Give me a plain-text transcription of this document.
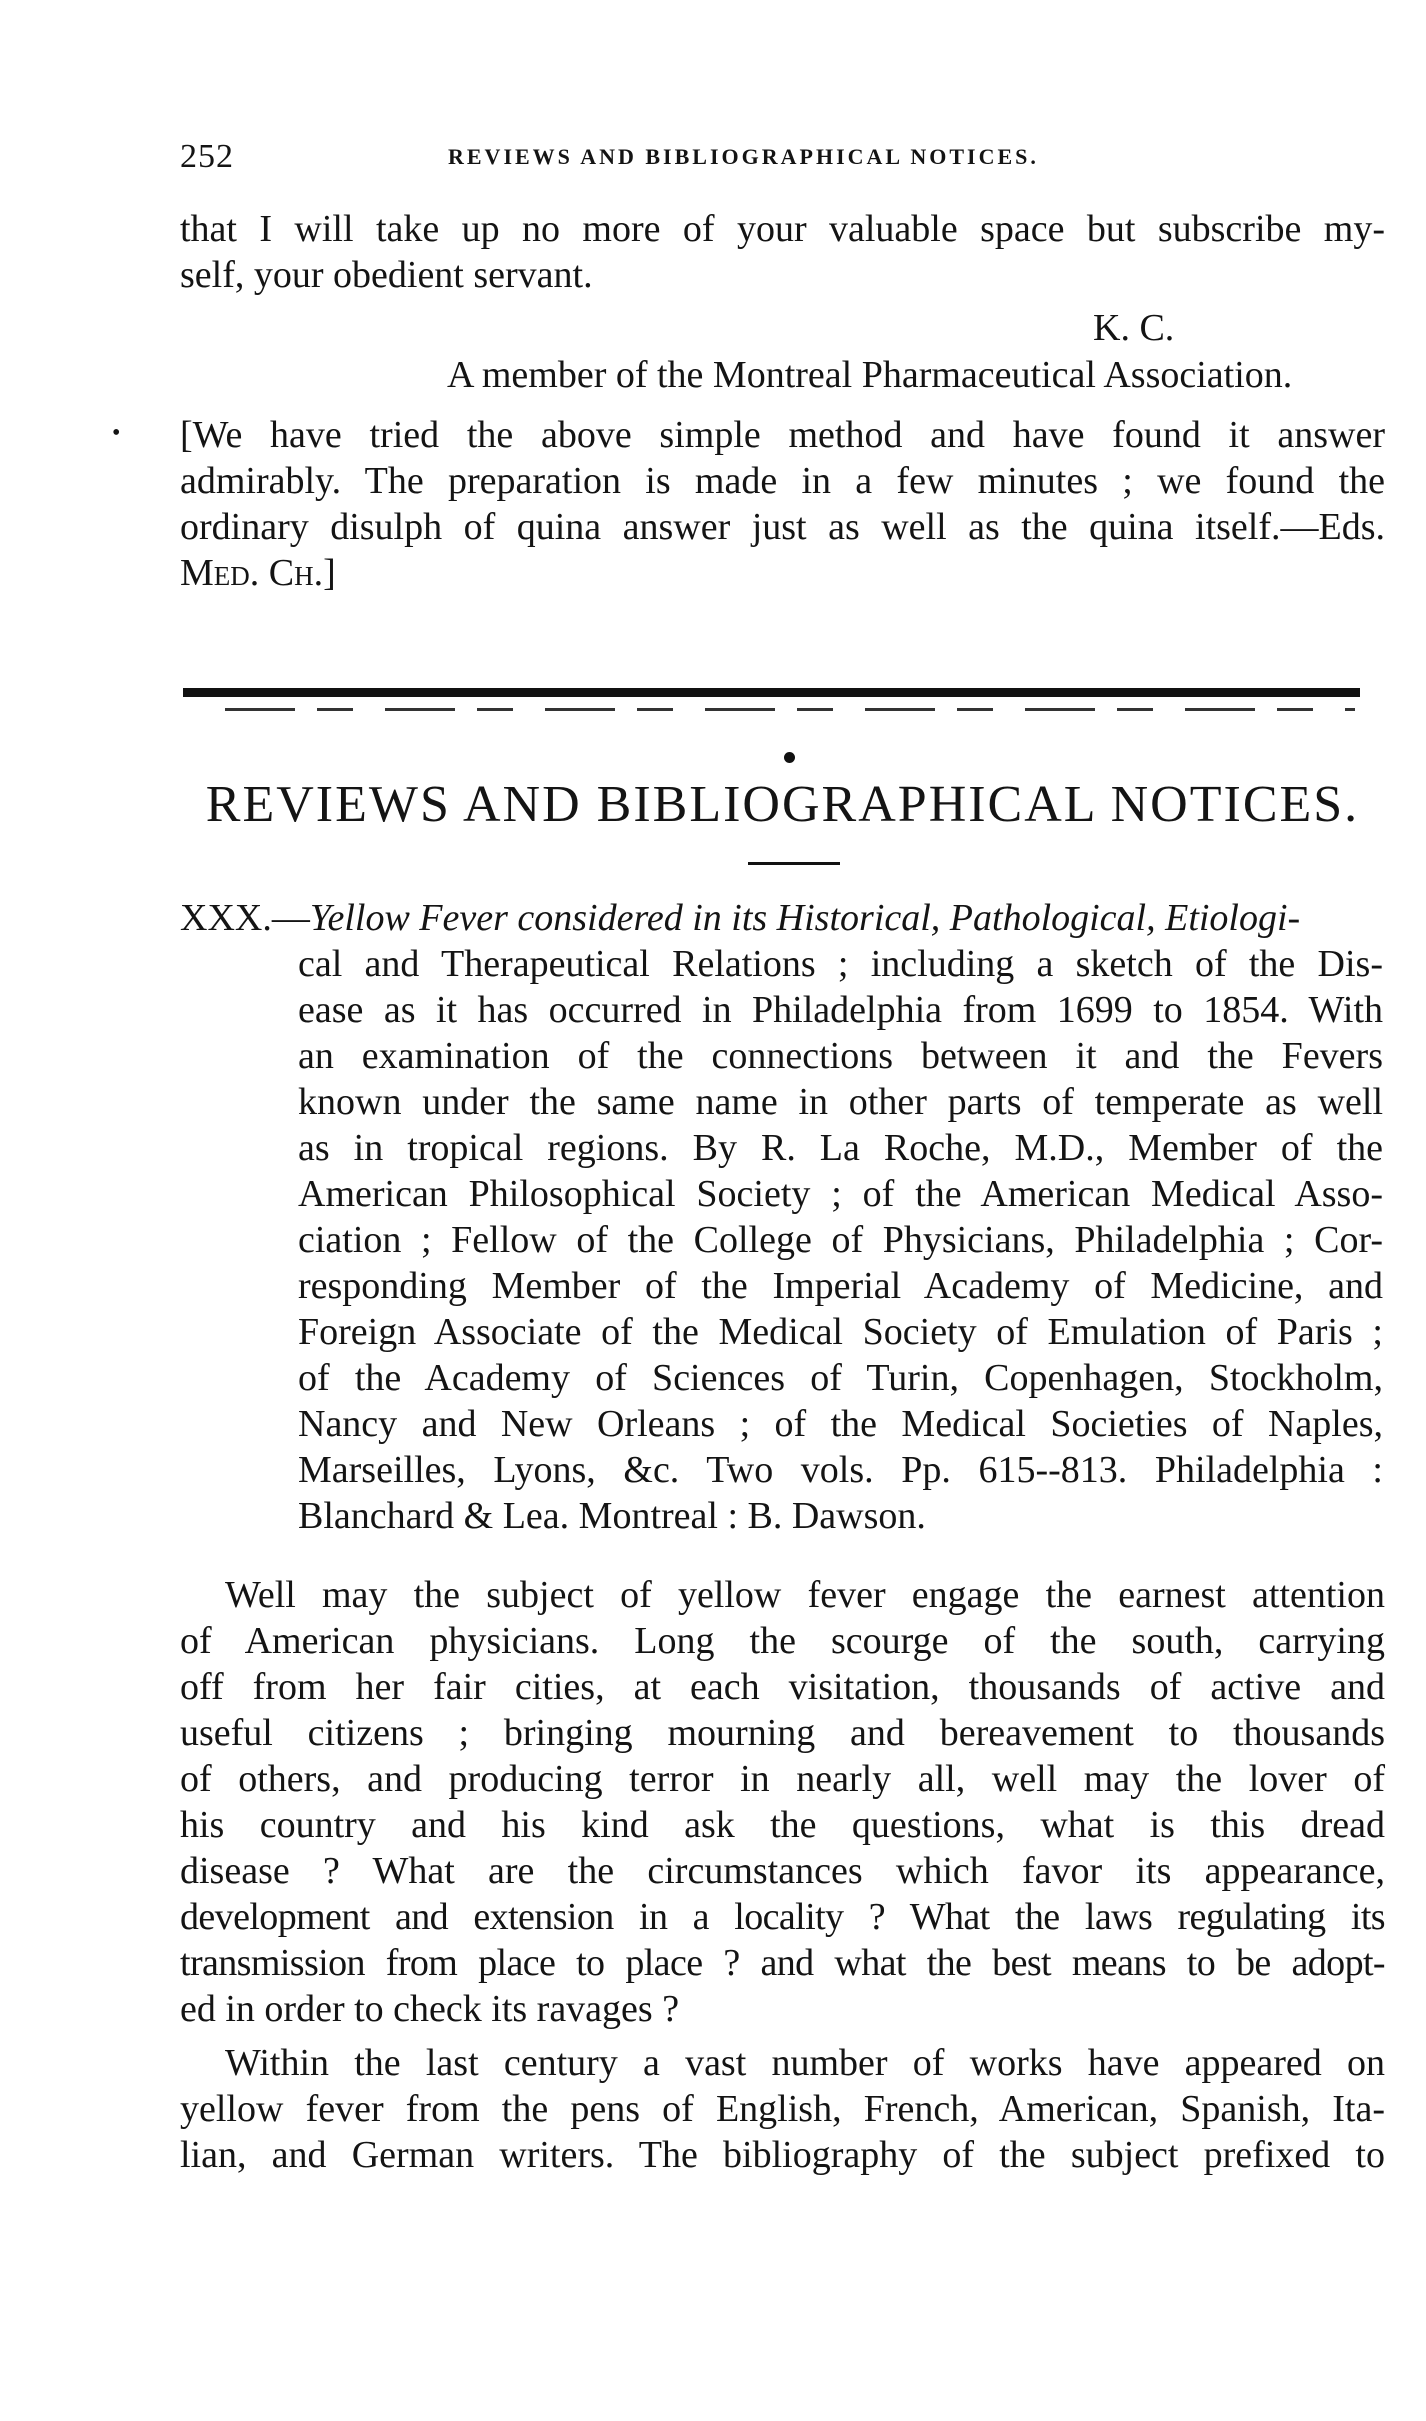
252	REVIEWS AND BIBLIOGRAPHICAL NOTICES.
that I will take up no more of your valuable space but subscribe my-
self, your obedient servant.
K. C.
A member of the Montreal Pharmaceutical Association.
• [We have tried the above simple method and have found it answer
admirably. The preparation is made in a few minutes ; we found the
ordinary disulph of quina answer just as well as the quina itself.—Eds.
Med. Ch.]
REVIEWS AND BIBLIOGRAPHICAL NOTICES.
XXX.—Yellow Fever considered in its Historical, Pathological, Etiologi-
cal and Therapeutical Relations ; including a sketch of the Dis-
ease as it has occurred in Philadelphia from 1699 to 1854. With
an examination of the connections between it and the Fevers
known under the same name in other parts of temperate as well
as in tropical regions. By R. La Roche, M.D., Member of the
American Philosophical Society ; of the American Medical Asso-
ciation ; Fellow of the College of Physicians, Philadelphia ; Cor-
responding Member of the Imperial Academy of Medicine, and
Foreign Associate of the Medical Society of Emulation of Paris ;
of the Academy of Sciences of Turin, Copenhagen, Stockholm,
Nancy and New Orleans ; of the Medical Societies of Naples,
Marseilles, Lyons, &c. Two vols. Pp. 615--813. Philadelphia :
Blanchard & Lea. Montreal : B. Dawson.
Well may the subject of yellow fever engage the earnest attention
of American physicians. Long the scourge of the south, carrying
off from her fair cities, at each visitation, thousands of active and
useful citizens ; bringing mourning and bereavement to thousands
of others, and producing terror in nearly all, well may the lover of
his country and his kind ask the questions, what is this dread
disease ? What are the circumstances which favor its appearance,
development and extension in a locality ? What the laws regulating its
transmission from place to place ? and what the best means to be adopt-
ed in order to check its ravages ?
Within the last century a vast number of works have appeared on
yellow fever from the pens of English, French, American, Spanish, Ita-
lian, and German writers. The bibliography of the subject prefixed to
